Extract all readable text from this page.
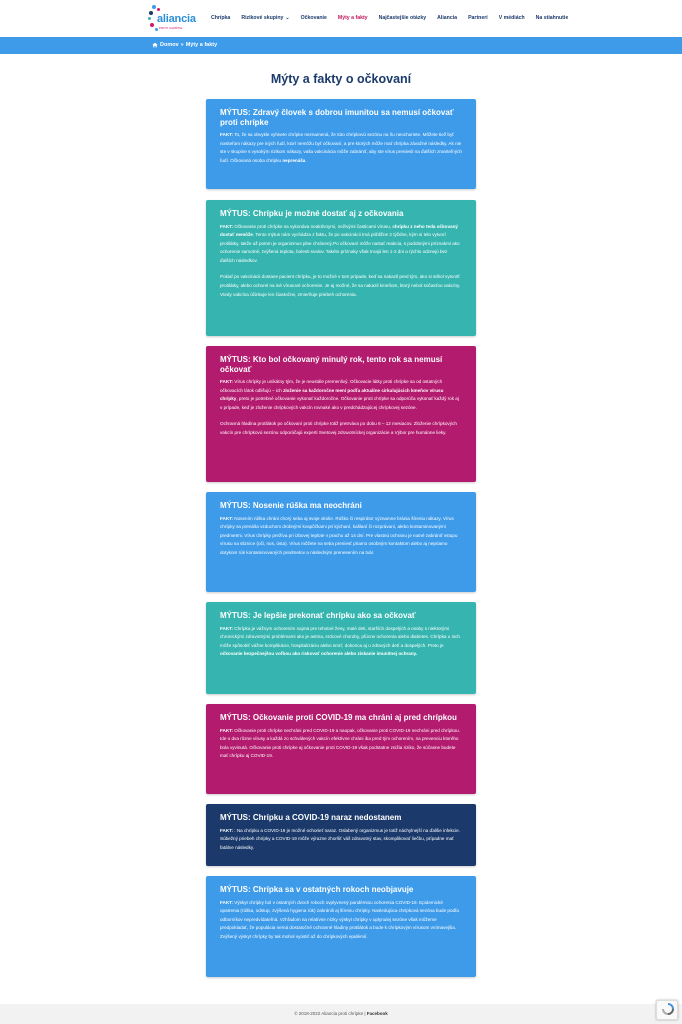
aliancia
PROTI CHRÍPKE
Chrípka Rizikové skupiny ⌄ Očkovanie Mýty a fakty Najčastejšie otázky Aliancia Partneri V médiách Na stiahnutie
Domov » Mýty a fakty
Mýty a fakty o očkovaní
MÝTUS: Zdravý človek s dobrou imunitou sa nemusí očkovať proti chrípke

FAKT: To, že sa obvykle vyhnete chrípke neznamená, že túto chrípkovú sezónu na ňu neochoriete. Môžete tiež byť nositeľom nákazy pre iných ľudí, ktorí nemôžu byť očkovaní, a pre ktorých môže mať chrípka závažné následky. Ak nie ste v skupine s vysokým rizikom nákazy, vaša vakcinácia môže zabrániť, aby ste vírus preniesli na ďalších zraniteľných ľudí. Očkovaná osoba chrípku neprenáša.

MÝTUS: Chrípku je možné dostať aj z očkovania

FAKT: Očkovanie proti chrípke sa vykonáva neaktívnymi, neživými časticami vírusu, chrípku z neho teda očkovaný dostať nemôže. Tento mýtus nám vychádza z faktu, že po vakcinácii trvá približne 2 týždne, kým si telo vytvorí protilátky, takže až potom je organizmus plne chránený.Po očkovaní môže nastať reakcia, s podobnými príznakmi ako ochorenie samotné, zvýšená teplota, bolesti svalov. Takéto príznaky však trvajú len 1-2 dni a rýchlo odznejú bez ďalších následkov.

Pokiaľ po vakcinácii dostane pacient chrípku, je to možné v tom prípade, keď sa nakazil pred tým, ako si stihol vytvoriť protilátky, alebo ochorel na iné vírusové ochorenie. Je aj možné, že sa nakazil kmeňom, ktorý nebol súčasťou vakcíny. Vtedy vakcína účinkuje len čiastočne, zmierňuje priebeh ochorenia.

MÝTUS: Kto bol očkovaný minulý rok, tento rok sa nemusí očkovať

FAKT: Vírus chrípky je unikátny tým, že je neustále premenlivý. Očkovacie látky proti chrípke sa od ostatných očkovacích látok odlišujú – ich zloženie sa každoročne mení podľa aktuálne cirkulujúcich kmeňov vírusu chrípky, preto je potrebné očkovanie vykonať každoročne. Očkovanie proti chrípke sa odporúča vykonať každý rok aj v prípade, keď je zloženie chrípkových vakcín rovnaké ako v predchádzajúcej chrípkovej sezóne.

Ochranná hladina protilátok po očkovaní proti chrípke totiž pretrváva po dobu 6 – 12 mesiacov. Zloženie chrípkových vakcín pre chrípkovú sezónu odporúčajú experti Svetovej zdravotníckej organizácie a Výbor pre humánne lieky.

MÝTUS: Nosenie rúška ma neochráni

FAKT: Nosením rúška chráni chorý seba aj svoje okolie. Rúško či respirátor významne bránia šíreniu nákazy. Vírus chrípky sa prenáša vzduchom drobnými kvapôčkami pri kýchaní, kašlaní či rozprávaní, alebo kontaminovanými predmetmi. Vírus chrípky prežíva pri izbovej teplote v prachu až 14 dní. Pre vlastnú ochranu je nutné zabrániť vstupu vírusu na sliznice (oči, nos, ústa). Vírus môžete na seba preniesť priamo osobným kontaktom alebo aj nepriamo dotykom rúk kontaminovaných predmetov a následným prenesením na tvár.

MÝTUS: Je lepšie prekonať chrípku ako sa očkovať

FAKT: Chrípka je vážnym ochorením najmä pre tehotné ženy, malé deti, starších dospelých a osoby s niektorými chronickými zdravotnými problémami ako je astma, srdcové choroby, pľúcne ochorenia alebo diabetes. Chrípka u nich môže spôsobiť vážne komplikácie, hospitalizáciu alebo smrť, dokonca aj u zdravých detí a dospelých. Preto je očkovanie bezpečnejšou voľbou ako riskovať ochorenie alebo získanie imunitnej ochrany.

MÝTUS: Očkovanie proti COVID-19 ma chráni aj pred chrípkou

FAKT: Očkovanie proti chrípke nechráni pred COVID-19 a naopak, očkovanie proti COVID-19 nechráni pred chrípkou. Ide o dva rôzne vírusy a každá zo schválených vakcín efektívne chráni iba pred tým ochorením, na prevenciu ktorého bola vyvinutá. Očkovanie proti chrípke aj očkovanie proti COVID-19 však podstatne znižia riziko, že súčasne budete mať chrípku aj COVID-19.

MÝTUS: Chrípku a COVID-19 naraz nedostanem

FAKT: : Na chrípku a COVID-19 je možné ochorieť naraz. Oslabený organizmus je totiž náchylnejší na ďalšie infekcie. Súbežný priebeh chrípky a COVID-19 môže výrazne zhoršiť váš zdravotný stav, skomplikovať liečbu, prípadne mať fatálne následky.

MÝTUS: Chrípka sa v ostatných rokoch neobjavuje

FAKT: Výskyt chrípky bol v ostatných dvoch rokoch ovplyvnený pandémiou ochorenia COVID-19. Epidemické opatrenia (rúška, odstup, zvýšená hygiena rúk) zabránili aj šíreniu chrípky. Nasledujúca chrípková sezóna bude podľa odborníkov nepredvídateľná. Vzhľadom na relatívne nízky výskyt chrípky v uplynulej sezóne však môžeme predpokladať, že populácia nemá dostatočné ochranné hladiny protilátok a bude k chrípkovým vírusom vnímavejšia. Zvýšený výskyt chrípky by tak mohol vyústiť až do chrípkových epidémií.

© 2018-2022 Aliancia proti chrípke | Facebook
